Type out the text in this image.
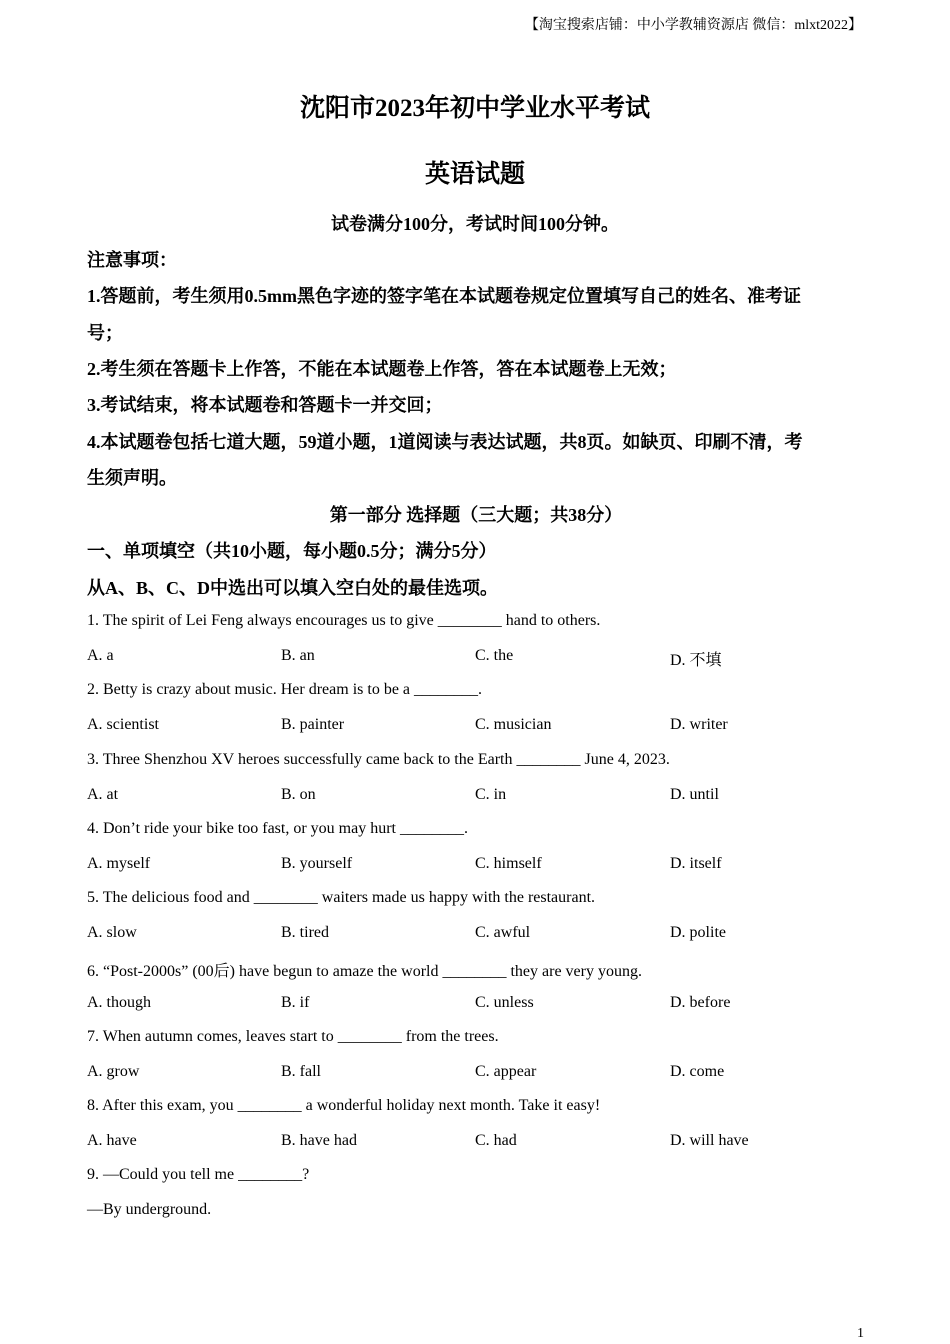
【淘宝搜索店铺：中小学教辅资源店 微信：mlxt2022】
沈阳市2023年初中学业水平考试
英语试题
试卷满分100分，考试时间100分钟。
注意事项：
1.答题前，考生须用0.5mm黑色字迹的签字笔在本试题卷规定位置填写自己的姓名、准考证
号；
2.考生须在答题卡上作答，不能在本试题卷上作答，答在本试题卷上无效；
3.考试结束，将本试题卷和答题卡一并交回；
4.本试题卷包括七道大题，59道小题，1道阅读与表达试题，共8页。如缺页、印刷不清，考
生须声明。
第一部分 选择题（三大题；共38分）
一、单项填空（共10小题，每小题0.5分；满分5分）
从A、B、C、D中选出可以填入空白处的最佳选项。
1. The spirit of Lei Feng always encourages us to give ________ hand to others.
A. a	B. an	C. the	D. 不填
2. Betty is crazy about music. Her dream is to be a ________.
A. scientist	B. painter	C. musician	D. writer
3. Three Shenzhou XV heroes successfully came back to the Earth ________ June 4, 2023.
A. at	B. on	C. in	D. until
4. Don’t ride your bike too fast, or you may hurt ________.
A. myself	B. yourself	C. himself	D. itself
5. The delicious food and ________ waiters made us happy with the restaurant.
A. slow	B. tired	C. awful	D. polite
6. “Post-2000s” (00后) have begun to amaze the world ________ they are very young.
A. though	B. if	C. unless	D. before
7. When autumn comes, leaves start to ________ from the trees.
A. grow	B. fall	C. appear	D. come
8. After this exam, you ________ a wonderful holiday next month. Take it easy!
A. have	B. have had	C. had	D. will have
9. —Could you tell me ________?
—By underground.
1
